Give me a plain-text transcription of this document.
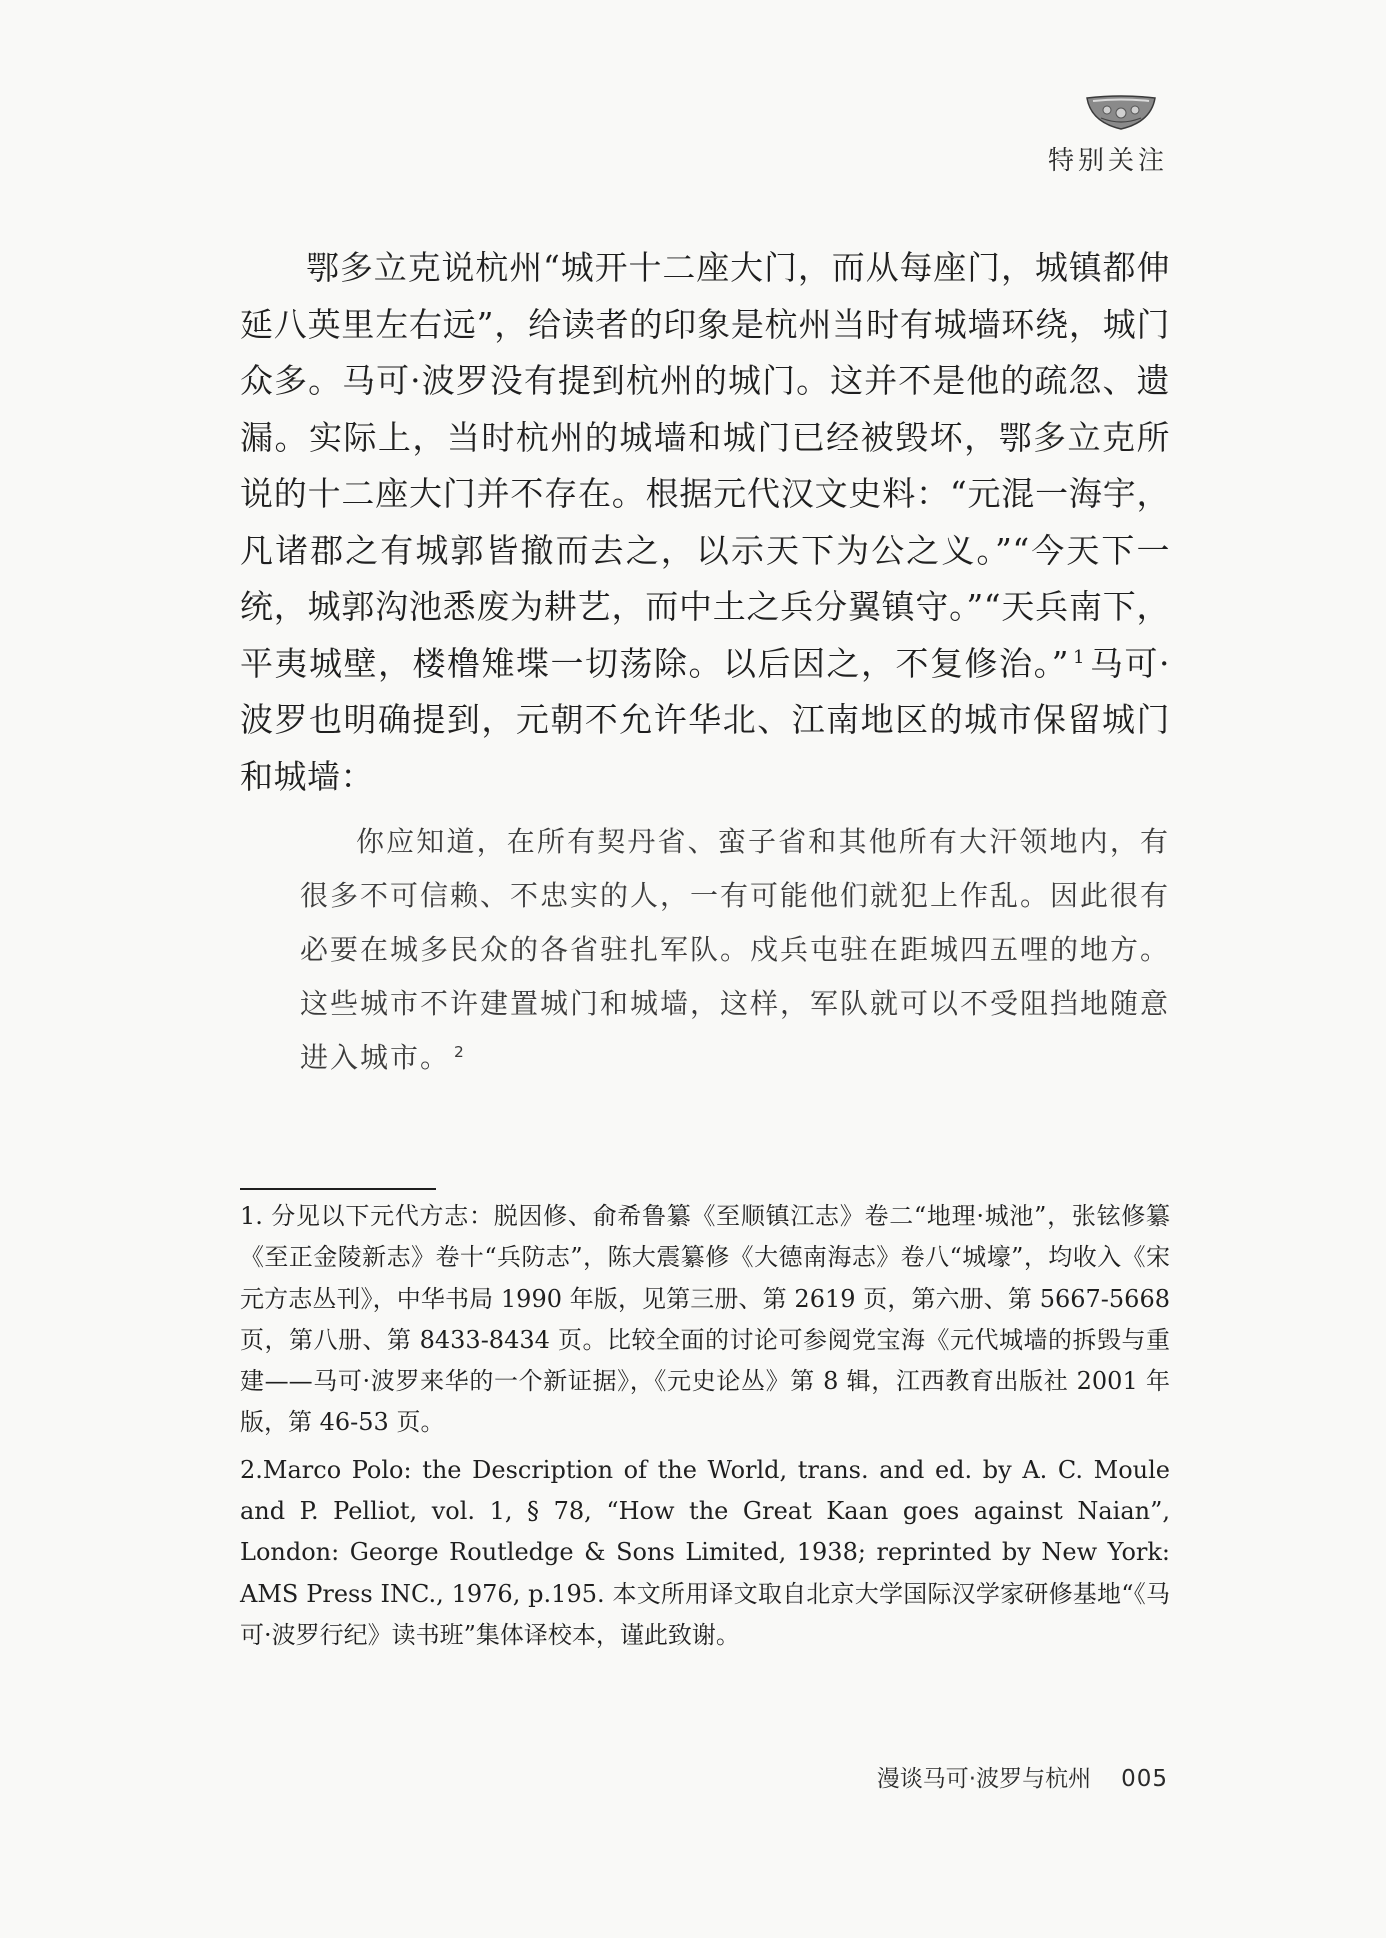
特别关注

鄂多立克说杭州“城开十二座大门，而从每座门，城镇都伸延八英里左右远”，给读者的印象是杭州当时有城墙环绕，城门众多。马可·波罗没有提到杭州的城门。这并不是他的疏忽、遗漏。实际上，当时杭州的城墙和城门已经被毁坏，鄂多立克所说的十二座大门并不存在。根据元代汉文史料：“元混一海宇，凡诸郡之有城郭皆撤而去之，以示天下为公之义。”“今天下一统，城郭沟池悉废为耕艺，而中土之兵分翼镇守。”“天兵南下，平夷城壁，楼橹雉堞一切荡除。以后因之，不复修治。” $^1$ 马可·波罗也明确提到，元朝不允许华北、江南地区的城市保留城门和城墙：

你应知道，在所有契丹省、蛮子省和其他所有大汗领地内，有很多不可信赖、不忠实的人，一有可能他们就犯上作乱。因此很有必要在城多民众的各省驻扎军队。戍兵屯驻在距城四五哩的地方。这些城市不许建置城门和城墙，这样，军队就可以不受阻挡地随意进入城市。 $^2$

1. 分见以下元代方志：脱因修、俞希鲁纂《至顺镇江志》卷二“地理·城池”，张铉修纂《至正金陵新志》卷十“兵防志”，陈大震纂修《大德南海志》卷八“城壕”，均收入《宋元方志丛刊》，中华书局 1990 年版，见第三册、第 2619 页，第六册、第 5667-5668 页，第八册、第 8433-8434 页。比较全面的讨论可参阅党宝海《元代城墙的拆毁与重建——马可·波罗来华的一个新证据》，《元史论丛》第 8 辑，江西教育出版社 2001 年版，第 46-53 页。

2.Marco Polo: the Description of the World, trans. and ed. by A. C. Moule and P. Pelliot, vol. 1, § 78, “How the Great Kaan goes against Naian”, London: George Routledge & Sons Limited, 1938; reprinted by New York: AMS Press INC., 1976, p.195. 本文所用译文取自北京大学国际汉学家研修基地“《马可·波罗行纪》读书班”集体译校本，谨此致谢。

漫谈马可·波罗与杭州 005
